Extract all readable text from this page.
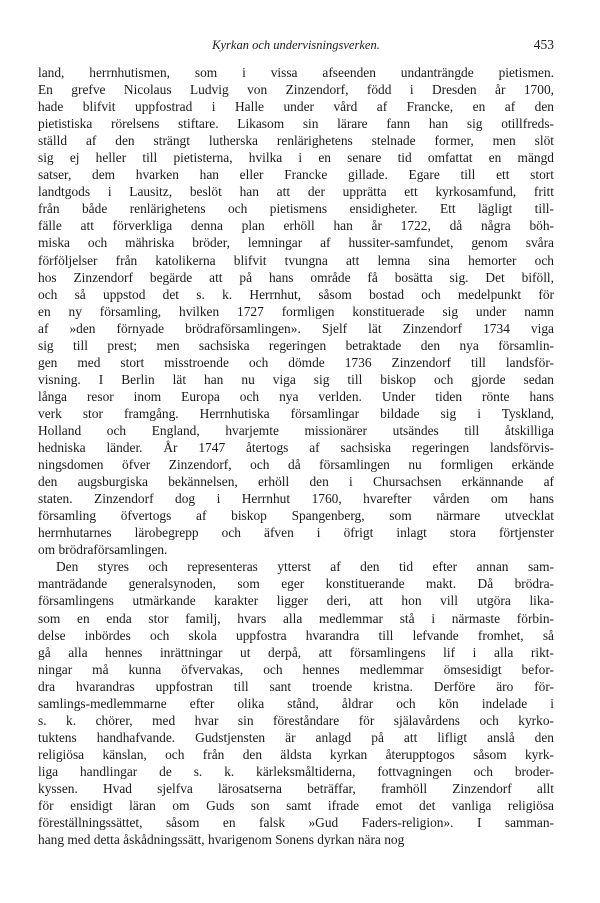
Kyrkan och undervisningsverken.	453
land, herrnhutismen, som i vissa afseenden undanträngde pietismen.
En grefve Nicolaus Ludvig von Zinzendorf, född i Dresden år 1700,
hade blifvit uppfostrad i Halle under vård af Francke, en af den
pietistiska rörelsens stiftare. Likasom sin lärare fann han sig otillfreds-
ställd af den strängt lutherska renlärighetens stelnade former, men slöt
sig ej heller till pietisterna, hvilka i en senare tid omfattat en mängd
satser, dem hvarken han eller Francke gillade. Egare till ett stort
landtgods i Lausitz, beslöt han att der upprätta ett kyrkosamfund, fritt
från både renlärighetens och pietismens ensidigheter. Ett lägligt till-
fälle att förverkliga denna plan erhöll han år 1722, då några böh-
miska och mähriska bröder, lemningar af hussiter-samfundet, genom svåra
förföljelser från katolikerna blifvit tvungna att lemna sina hemorter och
hos Zinzendorf begärde att på hans område få bosätta sig. Det biföll,
och så uppstod det s. k. Herrnhut, såsom bostad och medelpunkt för
en ny församling, hvilken 1727 formligen konstituerade sig under namn
af »den förnyade brödraförsamlingen». Sjelf lät Zinzendorf 1734 viga
sig till prest; men sachsiska regeringen betraktade den nya församlin-
gen med stort misstroende och dömde 1736 Zinzendorf till landsför-
visning. I Berlin lät han nu viga sig till biskop och gjorde sedan
långa resor inom Europa och nya verlden. Under tiden rönte hans
verk stor framgång. Herrnhutiska församlingar bildade sig i Tyskland,
Holland och England, hvarjemte missionärer utsändes till åtskilliga
hedniska länder. År 1747 återtogs af sachsiska regeringen landsförvis-
ningsdomen öfver Zinzendorf, och då församlingen nu formligen erkände
den augsburgiska bekännelsen, erhöll den i Chursachsen erkännande af
staten. Zinzendorf dog i Herrnhut 1760, hvarefter vården om hans
församling öfvertogs af biskop Spangenberg, som närmare utvecklat
herrnhutarnes lärobegrepp och äfven i öfrigt inlagt stora förtjenster
om brödraförsamlingen.
Den styres och representeras ytterst af den tid efter annan sam-
manträdande generalsynoden, som eger konstituerande makt. Då brödra-
församlingens utmärkande karakter ligger deri, att hon vill utgöra lika-
som en enda stor familj, hvars alla medlemmar stå i närmaste förbin-
delse inbördes och skola uppfostra hvarandra till lefvande fromhet, så
gå alla hennes inrättningar ut derpå, att församlingens lif i alla rikt-
ningar må kunna öfvervakas, och hennes medlemmar ömsesidigt befor-
dra hvarandras uppfostran till sant troende kristna. Derföre äro för-
samlings-medlemmarne efter olika stånd, åldrar och kön indelade i
s. k. chörer, med hvar sin föreståndare för själavårdens och kyrko-
tuktens handhafvande. Gudstjensten är anlagd på att lifligt anslå den
religiösa känslan, och från den äldsta kyrkan återupptogos såsom kyrk-
liga handlingar de s. k. kärleksmåltiderna, fottvagningen och broder-
kyssen. Hvad sjelfva lärosatserna beträffar, framhöll Zinzendorf allt
för ensidigt läran om Guds son samt ifrade emot det vanliga religiösa
föreställningssättet, såsom en falsk »Gud Faders-religion». I samman-
hang med detta åskådningssätt, hvarigenom Sonens dyrkan nära nog
